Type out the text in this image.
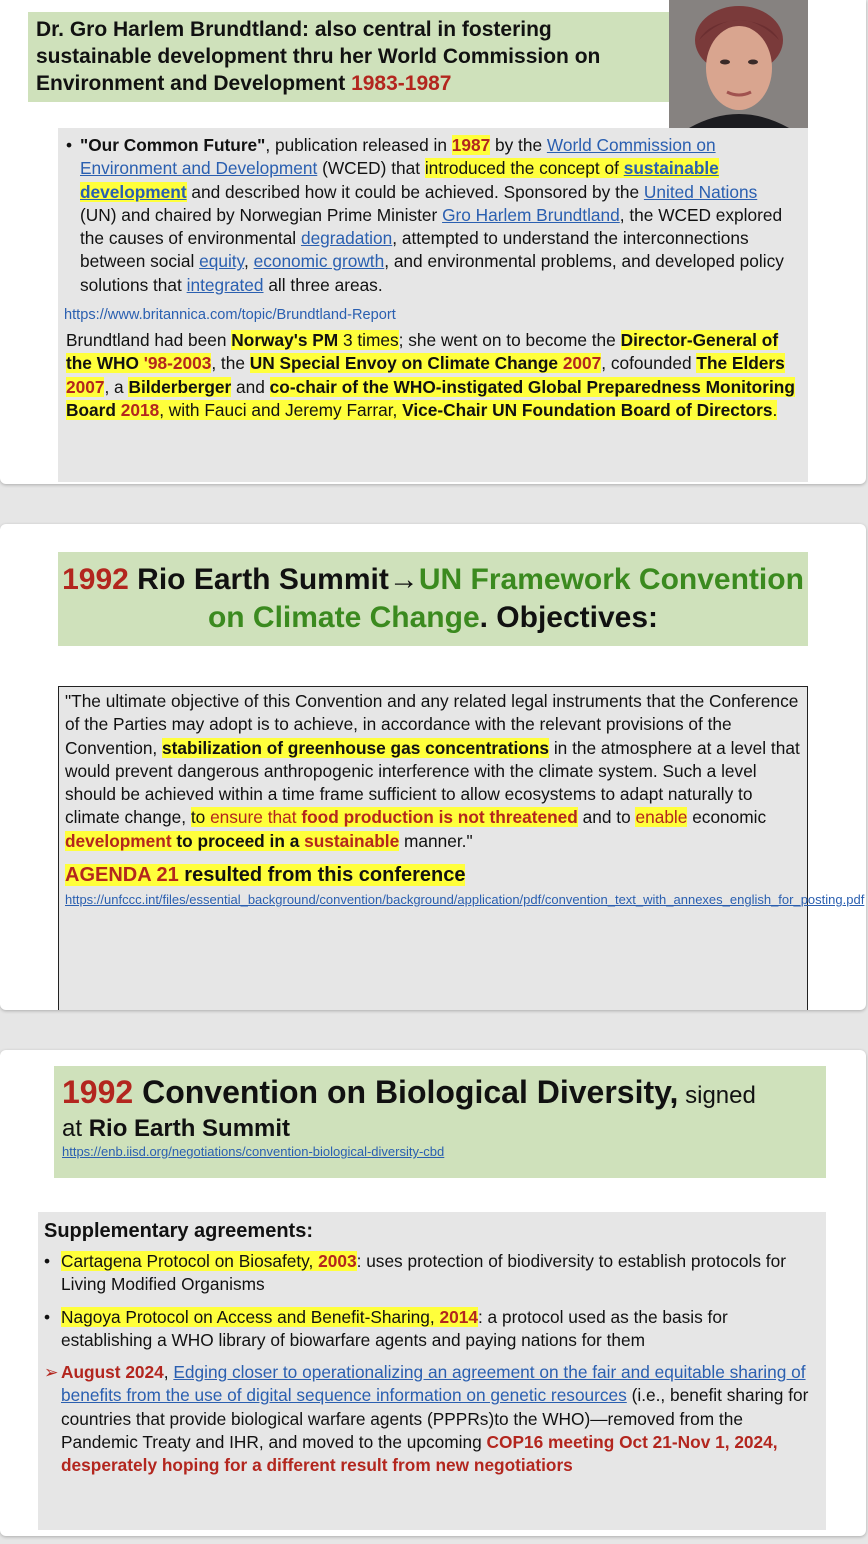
Dr. Gro Harlem Brundtland: also central in fostering sustainable development thru her World Commission on Environment and Development 1983-1987
• "Our Common Future", publication released in 1987 by the World Commission on Environment and Development (WCED) that introduced the concept of sustainable development and described how it could be achieved. Sponsored by the United Nations (UN) and chaired by Norwegian Prime Minister Gro Harlem Brundtland, the WCED explored the causes of environmental degradation, attempted to understand the interconnections between social equity, economic growth, and environmental problems, and developed policy solutions that integrated all three areas.
https://www.britannica.com/topic/Brundtland-Report
Brundtland had been Norway's PM 3 times; she went on to become the Director-General of the WHO '98-2003, the UN Special Envoy on Climate Change 2007, cofounded The Elders 2007, a Bilderberger and co-chair of the WHO-instigated Global Preparedness Monitoring Board 2018, with Fauci and Jeremy Farrar, Vice-Chair UN Foundation Board of Directors.
1992 Rio Earth Summit→UN Framework Convention on Climate Change. Objectives:
"The ultimate objective of this Convention and any related legal instruments that the Conference of the Parties may adopt is to achieve, in accordance with the relevant provisions of the Convention, stabilization of greenhouse gas concentrations in the atmosphere at a level that would prevent dangerous anthropogenic interference with the climate system. Such a level should be achieved within a time frame sufficient to allow ecosystems to adapt naturally to climate change, to ensure that food production is not threatened and to enable economic development to proceed in a sustainable manner."
AGENDA 21 resulted from this conference
https://unfccc.int/files/essential_background/convention/background/application/pdf/convention_text_with_annexes_english_for_posting.pdf
1992 Convention on Biological Diversity, signed
at Rio Earth Summit
https://enb.iisd.org/negotiations/convention-biological-diversity-cbd
Supplementary agreements:
• Cartagena Protocol on Biosafety, 2003: uses protection of biodiversity to establish protocols for Living Modified Organisms
• Nagoya Protocol on Access and Benefit-Sharing, 2014: a protocol used as the basis for establishing a WHO library of biowarfare agents and paying nations for them
➢ August 2024, Edging closer to operationalizing an agreement on the fair and equitable sharing of benefits from the use of digital sequence information on genetic resources (i.e., benefit sharing for countries that provide biological warfare agents (PPPRs)to the WHO)—removed from the Pandemic Treaty and IHR, and moved to the upcoming COP16 meeting Oct 21-Nov 1, 2024, desperately hoping for a different result from new negotiatiors
